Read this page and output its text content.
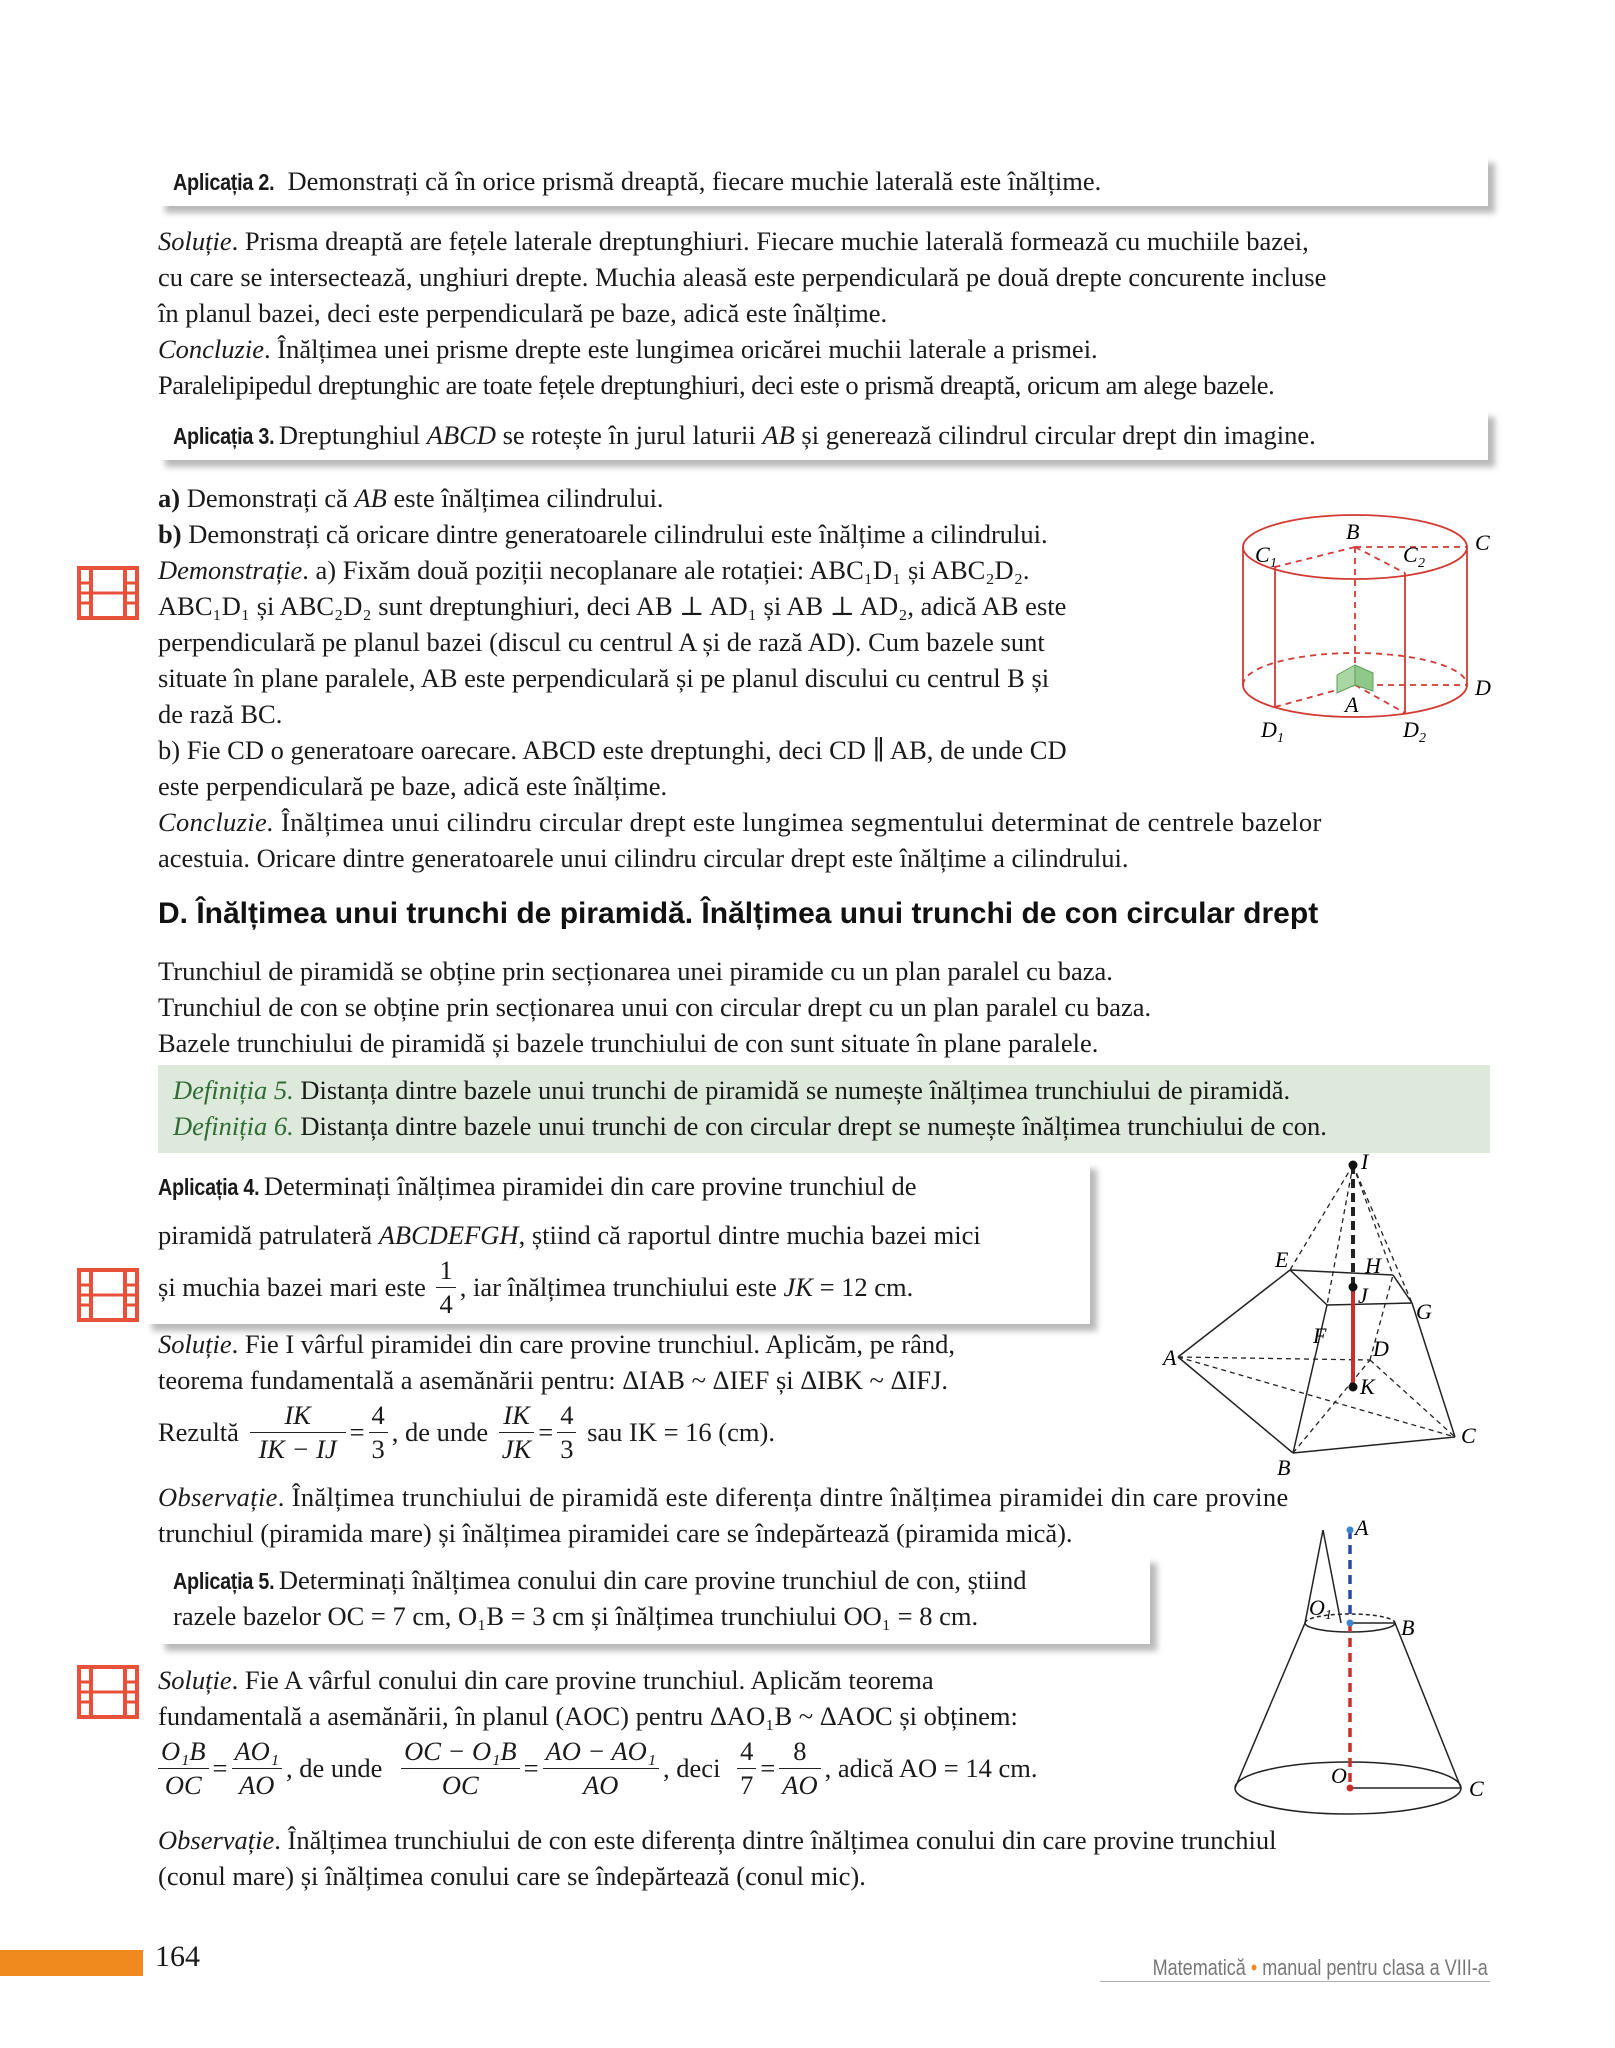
Aplicația 2. Demonstrați că în orice prismă dreaptă, fiecare muchie laterală este înălțime.
Soluție. Prisma dreaptă are fețele laterale dreptunghiuri. Fiecare muchie laterală formează cu muchiile bazei,
cu care se intersectează, unghiuri drepte. Muchia aleasă este perpendiculară pe două drepte concurente incluse
în planul bazei, deci este perpendiculară pe baze, adică este înălțime.
Concluzie. Înălțimea unei prisme drepte este lungimea oricărei muchii laterale a prismei.
Paralelipipedul dreptunghic are toate fețele dreptunghiuri, deci este o prismă dreaptă, oricum am alege bazele.
Aplicația 3. Dreptunghiul ABCD se rotește în jurul laturii AB și generează cilindrul circular drept din imagine.
a) Demonstrați că AB este înălțimea cilindrului.
b) Demonstrați că oricare dintre generatoarele cilindrului este înălțime a cilindrului.
Demonstrație. a) Fixăm două poziții necoplanare ale rotației: ABC₁D₁ și ABC₂D₂.
ABC₁D₁ și ABC₂D₂ sunt dreptunghiuri, deci AB ⊥ AD₁ și AB ⊥ AD₂, adică AB este
perpendiculară pe planul bazei (discul cu centrul A și de rază AD). Cum bazele sunt
situate în plane paralele, AB este perpendiculară și pe planul discului cu centrul B și
de rază BC.
b) Fie CD o generatoare oarecare. ABCD este dreptunghi, deci CD ∥ AB, de unde CD
este perpendiculară pe baze, adică este înălțime.
Concluzie. Înălțimea unui cilindru circular drept este lungimea segmentului determinat de centrele bazelor
acestuia. Oricare dintre generatoarele unui cilindru circular drept este înălțime a cilindrului.
B	C
C 1	C 2
A
D
D 1	D 2
D. Înălțimea unui trunchi de piramidă. Înălțimea unui trunchi de con circular drept
Trunchiul de piramidă se obține prin secționarea unei piramide cu un plan paralel cu baza.
Trunchiul de con se obține prin secționarea unui con circular drept cu un plan paralel cu baza.
Bazele trunchiului de piramidă și bazele trunchiului de con sunt situate în plane paralele.
Definiția 5. Distanța dintre bazele unui trunchi de piramidă se numește înălțimea trunchiului de piramidă.
Definiția 6. Distanța dintre bazele unui trunchi de con circular drept se numește înălțimea trunchiului de con.
Aplicația 4. Determinați înălțimea piramidei din care provine trunchiul de
piramidă patrulateră ABCDEFGH, știind că raportul dintre muchia bazei mici
și muchia bazei mari este $\frac{1}{4}$ , iar înălțimea trunchiului este JK = 12 cm.
Soluție. Fie I vârful piramidei din care provine trunchiul. Aplicăm, pe rând,
teorema fundamentală a asemănării pentru: ΔIAB ~ ΔIEF și ΔIBK ~ ΔIFJ.
Rezultă $\frac{IK}{IK - IJ} = \frac{4}{3}$ , de unde $\frac{IK}{JK} = \frac{4}{3}$ sau IK = 16 (cm).
Observație. Înălțimea trunchiului de piramidă este diferența dintre înălțimea piramidei din care provine
trunchiul (piramida mare) și înălțimea piramidei care se îndepărtează (piramida mică).
I
E	H
J
G
F
D
A
K
C
B
Aplicația 5. Determinați înălțimea conului din care provine trunchiul de con, știind
razele bazelor OC = 7 cm, O₁B = 3 cm și înălțimea trunchiului OO₁ = 8 cm.
Soluție. Fie A vârful conului din care provine trunchiul. Aplicăm teorema
fundamentală a asemănării, în planul (AOC) pentru ΔAO₁B ~ ΔAOC și obținem:
$\frac{\text{O₁B}}{OC} = \frac{\text{AO₁}}{AO}$ , de unde $\frac{\text{OC − O₁B}}{OC} = \frac{\text{AO − AO₁}}{AO}$ , deci $\frac{4}{7} = \frac{8}{AO}$ , adică AO = 14 cm.
Observație. Înălțimea trunchiului de con este diferența dintre înălțimea conului din care provine trunchiul
(conul mare) și înălțimea conului care se îndepărtează (conul mic).
A
O 1	B
O
C
164	Matematică • manual pentru clasa a VIII-a
